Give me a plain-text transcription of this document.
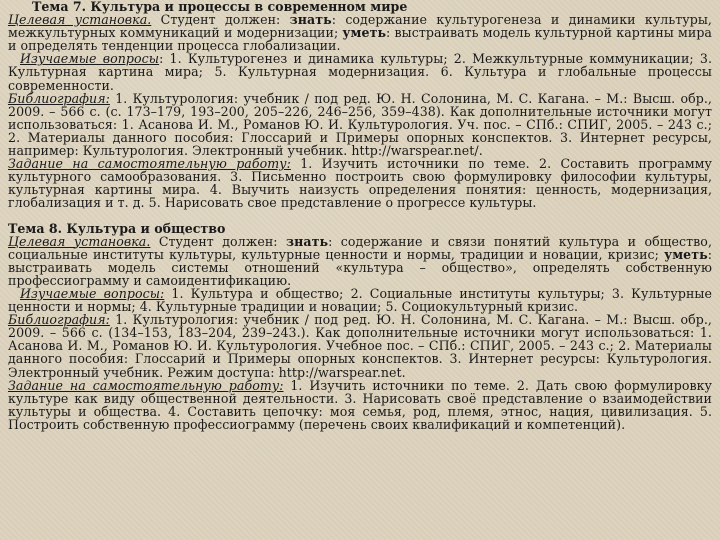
Тема 7. Культура и процессы в современном мире

Целевая установка. Студент должен: знать: содержание культурогенеза и динамики культуры, межкультурных коммуникаций и модернизации; уметь: выстраивать модель культурной картины мира и определять тенденции процесса глобализации.

Изучаемые вопросы: 1. Культурогенез и динамика культуры; 2. Межкультурные коммуникации; 3. Культурная картина мира; 5. Культурная модернизация. 6. Культура и глобальные процессы современности.

Библиография: 1. Культурология: учебник / под ред. Ю. Н. Солонина, М. С. Кагана. – М.: Высш. обр., 2009. – 566 с. (с. 173–179, 193–200, 205–226, 246–256, 359–438). Как дополнительные источники могут использоваться: 1. Асанова И. М., Романов Ю. И. Культурология. Уч. пос. – СПб.: СПИГ, 2005. – 243 с.; 2. Материалы данного пособия: Глоссарий и Примеры опорных конспектов. 3. Интернет ресурсы, например: Культурология. Электронный учебник. http://warspear.net/.

Задание на самостоятельную работу: 1. Изучить источники по теме. 2. Составить программу культурного самообразования. 3. Письменно построить свою формулировку философии культуры, культурная картины мира. 4. Выучить наизусть определения понятия: ценность, модернизация, глобализация и т. д. 5. Нарисовать свое представление о прогрессе культуры.

Тема 8. Культура и общество

Целевая установка. Студент должен: знать: содержание и связи понятий культура и общество, социальные институты культуры, культурные ценности и нормы, традиции и новации, кризис; уметь: выстраивать модель системы отношений «культура – общество», определять собственную профессиограмму и самоидентификацию.

Изучаемые вопросы: 1. Культура и общество; 2. Социальные институты культуры; 3. Культурные ценности и нормы; 4. Культурные традиции и новации; 5. Социокультурный кризис.

Библиография: 1. Культурология: учебник / под ред. Ю. Н. Солонина, М. С. Кагана. – М.: Высш. обр., 2009. – 566 с. (134–153, 183–204, 239–243.). Как дополнительные источники могут использоваться: 1. Асанова И. М., Романов Ю. И. Культурология. Учебное пос. – СПб.: СПИГ, 2005. – 243 с.; 2. Материалы данного пособия: Глоссарий и Примеры опорных конспектов. 3. Интернет ресурсы: Культурология. Электронный учебник. Режим доступа: http://warspear.net.

Задание на самостоятельную работу: 1. Изучить источники по теме. 2. Дать свою формулировку культуре как виду общественной деятельности. 3. Нарисовать своё представление о взаимодействии культуры и общества. 4. Составить цепочку: моя семья, род, племя, этнос, нация, цивилизация. 5. Построить собственную профессиограмму (перечень своих квалификаций и компетенций).
